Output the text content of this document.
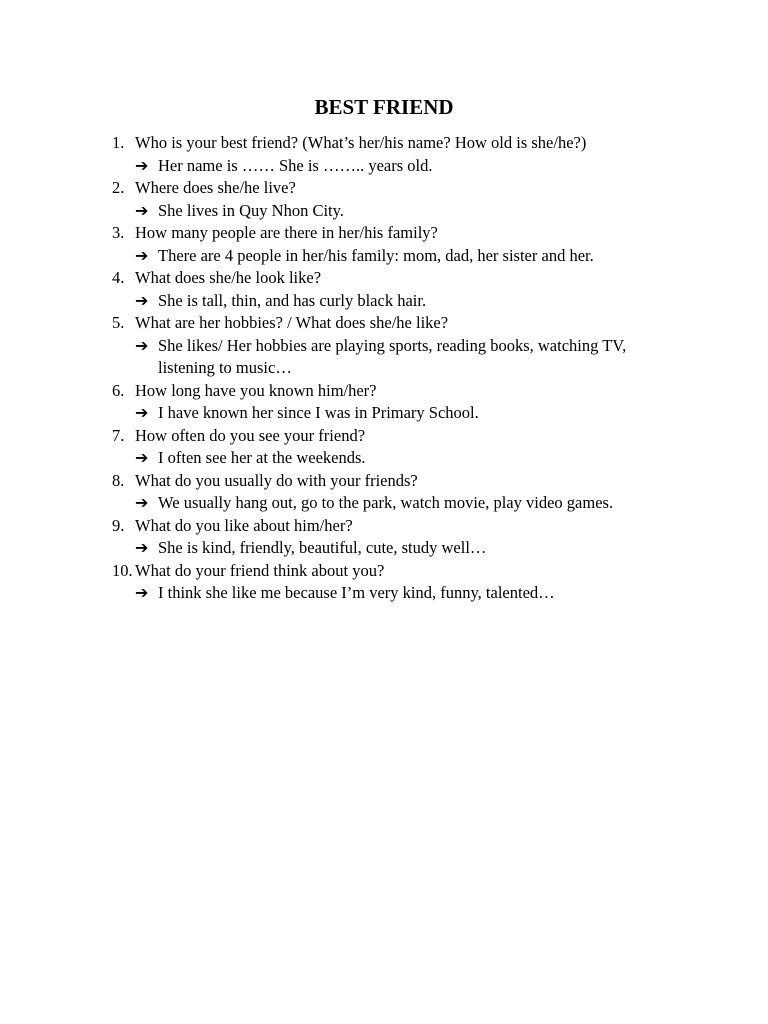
BEST FRIEND
1. Who is your best friend? (What’s her/his name? How old is she/he?)
➔ Her name is …… She is …….. years old.
2. Where does she/he live?
➔ She lives in Quy Nhon City.
3. How many people are there in her/his family?
➔ There are 4 people in her/his family: mom, dad, her sister and her.
4. What does she/he look like?
➔ She is tall, thin, and has curly black hair.
5. What are her hobbies? / What does she/he like?
➔ She likes/ Her hobbies are playing sports, reading books, watching TV, listening to music…
6. How long have you known him/her?
➔ I have known her since I was in Primary School.
7. How often do you see your friend?
➔ I often see her at the weekends.
8. What do you usually do with your friends?
➔ We usually hang out, go to the park, watch movie, play video games.
9. What do you like about him/her?
➔ She is kind, friendly, beautiful, cute, study well…
10. What do your friend think about you?
➔ I think she like me because I’m very kind, funny, talented…
